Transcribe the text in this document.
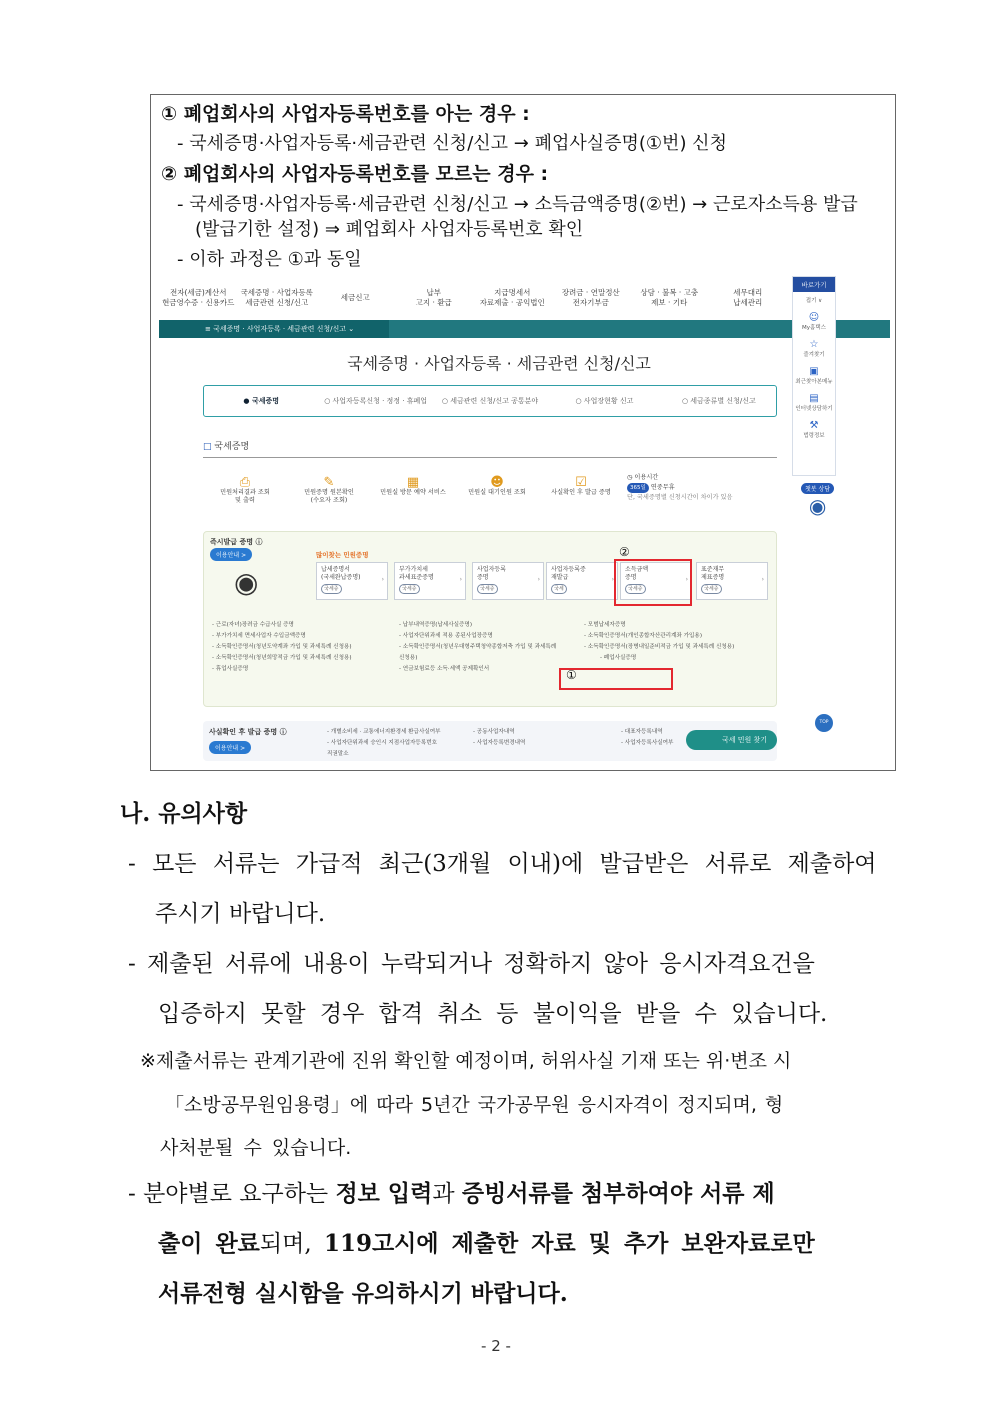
① 폐업회사의 사업자등록번호를 아는 경우 :
- 국세증명·사업자등록·세금관련 신청/신고 → 폐업사실증명(①번) 신청
② 폐업회사의 사업자등록번호를 모르는 경우 :
- 국세증명·사업자등록·세금관련 신청/신고 → 소득금액증명(②번) → 근로자소득용 발급
(발급기한 설정) ⇒ 폐업회사 사업자등록번호 확인
- 이하 과정은 ①과 동일
전자(세금)계산서
현금영수증 · 신용카드
국세증명 · 사업자등록
세금관련 신청/신고
세금신고
납부
고지 · 환급
지급명세서
자료제출 · 공익법인
장려금 · 연말정산
전자기부금
상담 · 불복 · 고충
제보 · 기타
세무대리
납세관리
≡ 국세증명 · 사업자등록 · 세금관련 신청/신고 ⌄
바로가기
접기 ∨
☺
My홈택스
☆
즐겨찾기
▣
최근찾아본메뉴
▤
인터넷상담하기
⚒
법령정보
챗봇 상담
◉
국세증명 · 사업자등록 · 세금관련 신청/신고
● 국세증명	○ 사업자등록신청 · 정정 · 휴폐업	○ 세금관련 신청/신고 공통분야	○ 사업장현황 신고	○ 세금종류별 신청/신고
□ 국세증명
⎙
민원처리결과 조회
및 출력
✎
민원증명 원본확인
(수요자 조회)
▦
민원실 방문 예약 서비스
☻
민원실 대기인원 조회
☑
사실확인 후 발급 증명
◷ 이용시간
365일 연중무휴
단, 국세증명별 신청시간이 차이가 있음
즉시발급 증명 ⓘ
이용안내 >
◉
많이찾는 민원증명
납세증명서
(국세완납증명)
국세증
›
부가가치세
과세표준증명
국세증
›
사업자등록
증명
국세증
›
사업자등록증
재발급
국세
›
소득금액
증명
국세증
›
표준재무
제표증명
국세증
›
②
- 근로(자녀)장려금 수급사실 증명
- 부가가치세 면세사업자 수입금액증명
- 소득확인증명서(청년도약계좌 가입 및 과세특례 신청용)
- 소득확인증명서(청년희망적금 가입 및 과세특례 신청용)
- 휴업사실증명
- 납부내역증명(납세사실증명)
- 사업자단위과세 적용 종된사업장증명
- 소득확인증명서(청년우대형주택청약종합저축 가입 및 과세특례
신청용)
- 연금보험료등 소득·세액 공제확인서
- 모범납세자증명
- 소득확인증명서(개인종합자산관리계좌 가입용)
- 소득확인증명서(장병내일준비적금 가입 및 과세특례 신청용)
- 폐업사실증명
①
사실확인 후 발급 증명 ⓘ
이용안내 >
- 개별소비세 · 교통에너지환경세 환급사실여부
- 사업자단위과세 승인시 지점사업자등록번호
직권말소
- 공동사업자내역
- 사업자등록변경내역
- 대표자등록내역
- 사업자등록사실여부	국세 민원 찾기
TOP
나. 유의사항
- 모든 서류는 가급적 최근(3개월 이내)에 발급받은 서류로 제출하여
주시기 바랍니다.
- 제출된 서류에 내용이 누락되거나 정확하지 않아 응시자격요건을
입증하지 못할 경우 합격 취소 등 불이익을 받을 수 있습니다.
※제출서류는 관계기관에 진위 확인할 예정이며, 허위사실 기재 또는 위·변조 시
「소방공무원임용령」에 따라 5년간 국가공무원 응시자격이 정지되며, 형
사처분될 수 있습니다.
- 분야별로 요구하는 정보 입력과 증빙서류를 첨부하여야 서류 제
출이 완료되며, 119고시에 제출한 자료 및 추가 보완자료로만
서류전형 실시함을 유의하시기 바랍니다.
- 2 -
